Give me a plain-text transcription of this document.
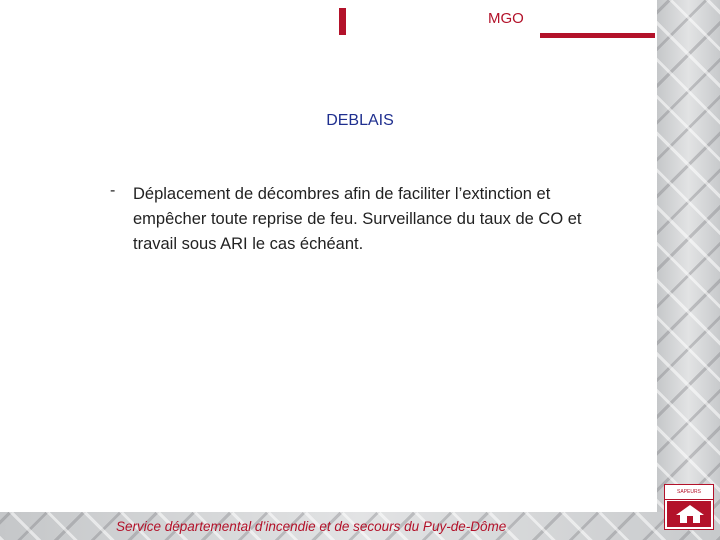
MGO
DEBLAIS
- Déplacement de décombres afin de faciliter l’extinction et empêcher toute reprise de feu. Surveillance du taux de CO et travail sous ARI le cas échéant.
Service départemental d’incendie et de secours du Puy-de-Dôme
SAPEURS
